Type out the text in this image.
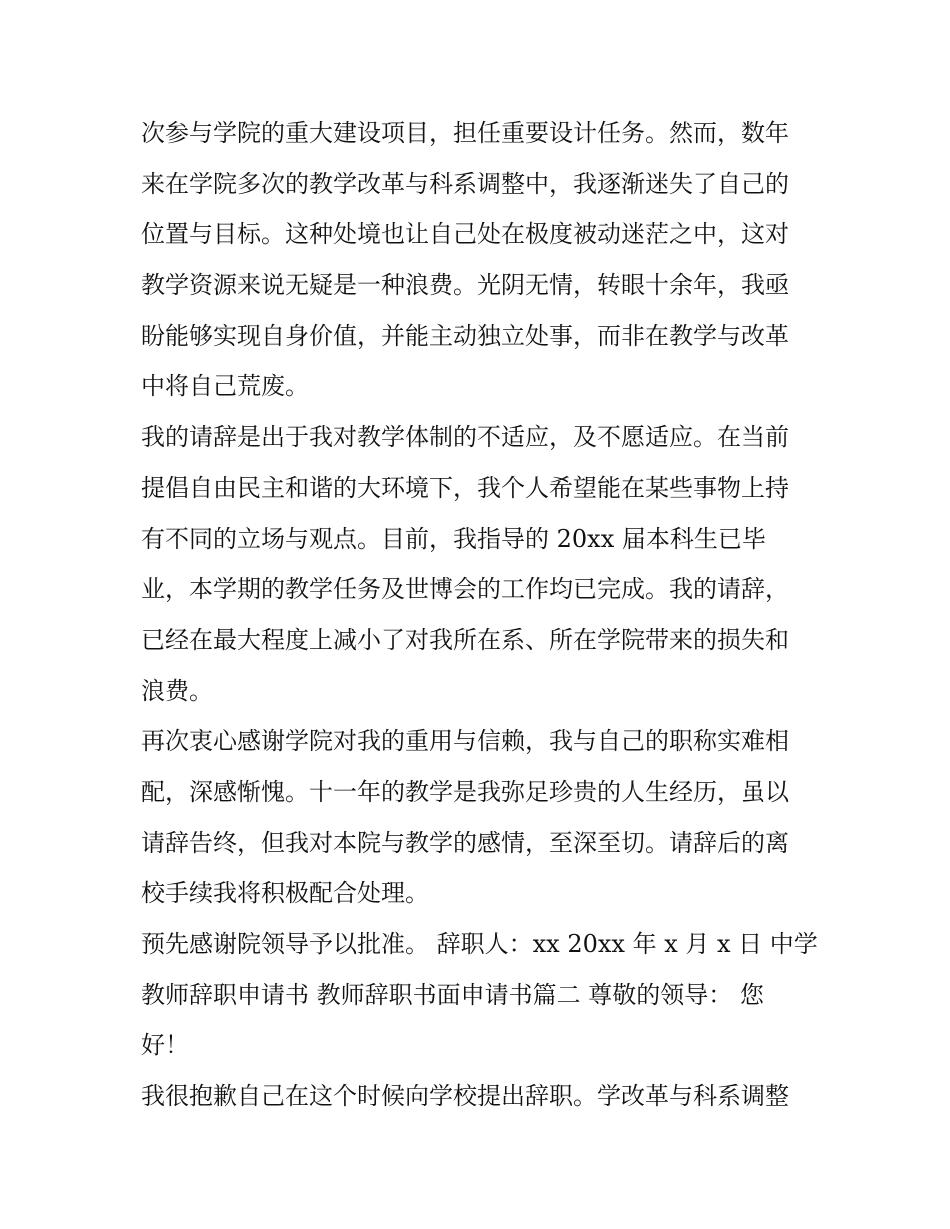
次参与学院的重大建设项目，担任重要设计任务。然而，数年
来在学院多次的教学改革与科系调整中，我逐渐迷失了自己的
位置与目标。这种处境也让自己处在极度被动迷茫之中，这对
教学资源来说无疑是一种浪费。光阴无情，转眼十余年，我亟
盼能够实现自身价值，并能主动独立处事，而非在教学与改革
中将自己荒废。
我的请辞是出于我对教学体制的不适应，及不愿适应。在当前
提倡自由民主和谐的大环境下，我个人希望能在某些事物上持
有不同的立场与观点。目前，我指导的 20xx 届本科生已毕
业，本学期的教学任务及世博会的工作均已完成。我的请辞，
已经在最大程度上减小了对我所在系、所在学院带来的损失和
浪费。
再次衷心感谢学院对我的重用与信赖，我与自己的职称实难相
配，深感惭愧。十一年的教学是我弥足珍贵的人生经历，虽以
请辞告终，但我对本院与教学的感情，至深至切。请辞后的离
校手续我将积极配合处理。
预先感谢院领导予以批准。 辞职人：xx 20xx 年 x 月 x 日 中学
教师辞职申请书 教师辞职书面申请书篇二 尊敬的领导： 您
好！
我很抱歉自己在这个时候向学校提出辞职。学改革与科系调整
